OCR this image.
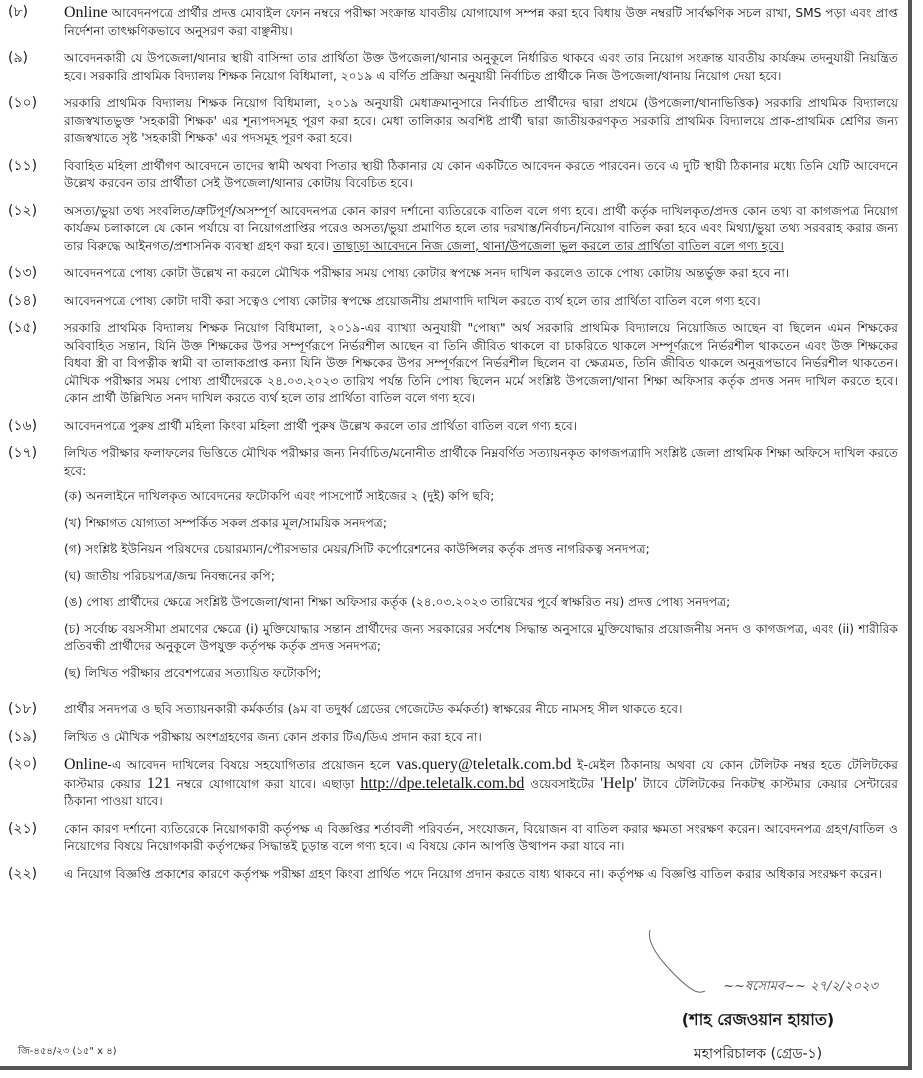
(৮)	Online আবেদনপত্রে প্রার্থীর প্রদত্ত মোবাইল ফোন নম্বরে পরীক্ষা সংক্রান্ত যাবতীয় যোগাযোগ সম্পন্ন করা হবে বিধায় উক্ত নম্বরটি সার্বক্ষণিক সচল রাখা, SMS পড়া এবং প্রাপ্ত নির্দেশনা তাৎক্ষণিকভাবে অনুসরণ করা বাঞ্ছনীয়।
(৯)	আবেদনকারী যে উপজেলা/থানার স্থায়ী বাসিন্দা তার প্রার্থিতা উক্ত উপজেলা/থানার অনুকূলে নির্ধারিত থাকবে এবং তার নিয়োগ সংক্রান্ত যাবতীয় কার্যক্রম তদনুযায়ী নিয়ন্ত্রিত হবে। সরকারি প্রাথমিক বিদ্যালয় শিক্ষক নিয়োগ বিধিমালা, ২০১৯ এ বর্ণিত প্রক্রিয়া অনুযায়ী নির্বাচিত প্রার্থীকে নিজ উপজেলা/থানায় নিয়োগ দেয়া হবে।
(১০)	সরকারি প্রাথমিক বিদ্যালয় শিক্ষক নিয়োগ বিধিমালা, ২০১৯ অনুযায়ী মেধাক্রমানুসারে নির্বাচিত প্রার্থীদের দ্বারা প্রথমে (উপজেলা/থানাভিত্তিক) সরকারি প্রাথমিক বিদ্যালয়ে রাজস্বখাতভুক্ত 'সহকারী শিক্ষক' এর শূন্যপদসমূহ পূরণ করা হবে। মেধা তালিকার অবশিষ্ট প্রার্থী দ্বারা জাতীয়করণকৃত সরকারি প্রাথমিক বিদ্যালয়ে প্রাক-প্রাথমিক শ্রেণির জন্য রাজস্বখাতে সৃষ্ট 'সহকারী শিক্ষক' এর পদসমূহ পূরণ করা হবে।
(১১)	বিবাহিত মহিলা প্রার্থীগণ আবেদনে তাদের স্বামী অথবা পিতার স্থায়ী ঠিকানার যে কোন একটিতে আবেদন করতে পারবেন। তবে এ দুটি স্থায়ী ঠিকানার মধ্যে তিনি যেটি আবেদনে উল্লেখ করবেন তার প্রার্থীতা সেই উপজেলা/থানার কোটায় বিবেচিত হবে।
(১২)	অসত্য/ভুয়া তথ্য সংবলিত/ত্রুটিপূর্ণ/অসম্পূর্ণ আবেদনপত্র কোন কারণ দর্শানো ব্যতিরেকে বাতিল বলে গণ্য হবে। প্রার্থী কর্তৃক দাখিলকৃত/প্রদত্ত কোন তথ্য বা কাগজপত্র নিয়োগ কার্যক্রম চলাকালে যে কোন পর্যায়ে বা নিয়োগপ্রাপ্তির পরেও অসত্য/ভুয়া প্রমাণিত হলে তার দরখাস্ত/নির্বাচন/নিয়োগ বাতিল করা হবে এবং মিথ্যা/ভুয়া তথ্য সরবরাহ করার জন্য তার বিরুদ্ধে আইনগত/প্রশাসনিক ব্যবস্থা গ্রহণ করা হবে। তাছাড়া আবেদনে নিজ জেলা, থানা/উপজেলা ভুল করলে তার প্রার্থিতা বাতিল বলে গণ্য হবে।
(১৩)	আবেদনপত্রে পোষ্য কোটা উল্লেখ না করলে মৌখিক পরীক্ষার সময় পোষ্য কোটার স্বপক্ষে সনদ দাখিল করলেও তাকে পোষ্য কোটায় অন্তর্ভুক্ত করা হবে না।
(১৪)	আবেদনপত্রে পোষ্য কোটা দাবী করা সত্বেও পোষ্য কোটার স্বপক্ষে প্রয়োজনীয় প্রমাণাদি দাখিল করতে ব্যর্থ হলে তার প্রার্থিতা বাতিল বলে গণ্য হবে।
(১৫)	সরকারি প্রাথমিক বিদ্যালয় শিক্ষক নিয়োগ বিধিমালা, ২০১৯-এর ব্যাখ্যা অনুযায়ী "পোষ্য" অর্থ সরকারি প্রাথমিক বিদ্যালয়ে নিয়োজিত আছেন বা ছিলেন এমন শিক্ষকের অবিবাহিত সন্তান, যিনি উক্ত শিক্ষকের উপর সম্পূর্ণরূপে নির্ভরশীল আছেন বা তিনি জীবিত থাকলে বা চাকরিতে থাকলে সম্পূর্ণরূপে নির্ভরশীল থাকতেন এবং উক্ত শিক্ষকের বিধবা স্ত্রী বা বিপত্নীক স্বামী বা তালাকপ্রাপ্ত কন্যা যিনি উক্ত শিক্ষকের উপর সম্পূর্ণরূপে নির্ভরশীল ছিলেন বা ক্ষেত্রমত, তিনি জীবিত থাকলে অনুরূপভাবে নির্ভরশীল থাকতেন। মৌখিক পরীক্ষার সময় পোষ্য প্রার্থীদেরকে ২৪.০৩.২০২৩ তারিখ পর্যন্ত তিনি পোষ্য ছিলেন মর্মে সংশ্লিষ্ট উপজেলা/থানা শিক্ষা অফিসার কর্তৃক প্রদত্ত সনদ দাখিল করতে হবে। কোন প্রার্থী উল্লিখিত সনদ দাখিল করতে ব্যর্থ হলে তার প্রার্থিতা বাতিল বলে গণ্য হবে।
(১৬)	আবেদনপত্রে পুরুষ প্রার্থী মহিলা কিংবা মহিলা প্রার্থী পুরুষ উল্লেখ করলে তার প্রার্থিতা বাতিল বলে গণ্য হবে।
(১৭)	লিখিত পরীক্ষার ফলাফলের ভিত্তিতে মৌখিক পরীক্ষার জন্য নির্বাচিত/মনোনীত প্রার্থীকে নিম্নবর্ণিত সত্যায়নকৃত কাগজপত্রাদি সংশ্লিষ্ট জেলা প্রাথমিক শিক্ষা অফিসে দাখিল করতে হবে:
(ক) অনলাইনে দাখিলকৃত আবেদনের ফটোকপি এবং পাসপোর্ট সাইজের ২ (দুই) কপি ছবি;
(খ) শিক্ষাগত যোগ্যতা সম্পর্কিত সকল প্রকার মূল/সাময়িক সনদপত্র;
(গ) সংশ্লিষ্ট ইউনিয়ন পরিষদের চেয়ারম্যান/পৌরসভার মেয়র/সিটি কর্পোরেশনের কাউন্সিলর কর্তৃক প্রদত্ত নাগরিকত্ব সনদপত্র;
(ঘ) জাতীয় পরিচয়পত্র/জন্ম নিবন্ধনের কপি;
(ঙ) পোষ্য প্রার্থীদের ক্ষেত্রে সংশ্লিষ্ট উপজেলা/থানা শিক্ষা অফিসার কর্তৃক (২৪.০৩.২০২৩ তারিখের পূর্বে স্বাক্ষরিত নয়) প্রদত্ত পোষ্য সনদপত্র;
(চ) সর্বোচ্চ বয়সসীমা প্রমাণের ক্ষেত্রে (i) মুক্তিযোদ্ধার সন্তান প্রার্থীদের জন্য সরকারের সর্বশেষ সিদ্ধান্ত অনুসারে মুক্তিযোদ্ধার প্রয়োজনীয় সনদ ও কাগজপত্র, এবং (ii) শারীরিক প্রতিবন্ধী প্রার্থীদের অনুকূলে উপযুক্ত কর্তৃপক্ষ কর্তৃক প্রদত্ত সনদপত্র;
(ছ) লিখিত পরীক্ষার প্রবেশপত্রের সত্যায়িত ফটোকপি;
(১৮)	প্রার্থীর সনদপত্র ও ছবি সত্যায়নকারী কর্মকর্তার (৯ম বা তদুর্ধ্ব গ্রেডের গেজেটেড কর্মকর্তা) স্বাক্ষরের নীচে নামসহ সীল থাকতে হবে।
(১৯)	লিখিত ও মৌখিক পরীক্ষায় অংশগ্রহণের জন্য কোন প্রকার টিএ/ডিএ প্রদান করা হবে না।
(২০)	Online-এ আবেদন দাখিলের বিষয়ে সহযোগিতার প্রয়োজন হলে vas.query@teletalk.com.bd ই-মেইল ঠিকানায় অথবা যে কোন টেলিটক নম্বর হতে টেলিটকের কাস্টমার কেয়ার 121 নম্বরে যোগাযোগ করা যাবে। এছাড়া http://dpe.teletalk.com.bd ওয়েবসাইটের 'Help' ট্যাবে টেলিটকের নিকটস্থ কাস্টমার কেয়ার সেন্টারের ঠিকানা পাওয়া যাবে।
(২১)	কোন কারণ দর্শানো ব্যতিরেকে নিয়োগকারী কর্তৃপক্ষ এ বিজ্ঞপ্তির শর্তাবলী পরিবর্তন, সংযোজন, বিয়োজন বা বাতিল করার ক্ষমতা সংরক্ষণ করেন। আবেদনপত্র গ্রহণ/বাতিল ও নিয়োগের বিষয়ে নিয়োগকারী কর্তৃপক্ষের সিদ্ধান্তই চূড়ান্ত বলে গণ্য হবে। এ বিষয়ে কোন আপত্তি উত্থাপন করা যাবে না।
(২২)	এ নিয়োগ বিজ্ঞপ্তি প্রকাশের কারণে কর্তৃপক্ষ পরীক্ষা গ্রহণ কিংবা প্রার্থিত পদে নিয়োগ প্রদান করতে বাধ্য থাকবে না। কর্তৃপক্ষ এ বিজ্ঞপ্তি বাতিল করার অধিকার সংরক্ষণ করেন।
~~ষসোমব~~ ২৭/২/২০২৩
(শাহ রেজওয়ান হায়াত)
মহাপরিচালক (গ্রেড-১)
জি-৪৫৪/২৩ (১৫" x ৪)
